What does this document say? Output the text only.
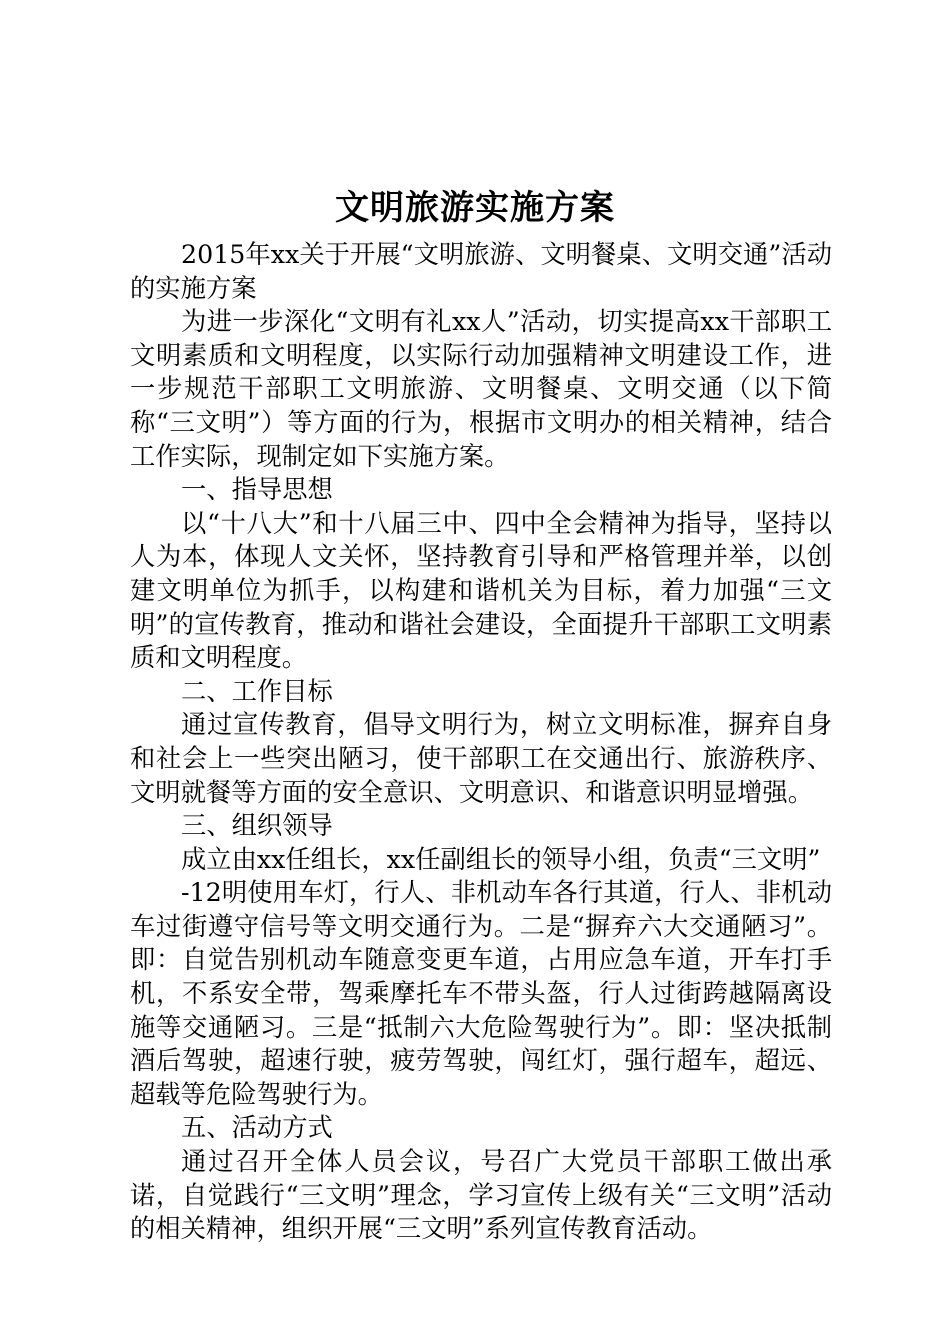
文明旅游实施方案

2015年xx关于开展“文明旅游、文明餐桌、文明交通”活动的实施方案

为进一步深化“文明有礼xx人”活动，切实提高xx干部职工文明素质和文明程度，以实际行动加强精神文明建设工作，进一步规范干部职工文明旅游、文明餐桌、文明交通（以下简称“三文明”）等方面的行为，根据市文明办的相关精神，结合工作实际，现制定如下实施方案。

一、指导思想

以“十八大”和十八届三中、四中全会精神为指导，坚持以人为本，体现人文关怀，坚持教育引导和严格管理并举，以创建文明单位为抓手，以构建和谐机关为目标，着力加强“三文明”的宣传教育，推动和谐社会建设，全面提升干部职工文明素质和文明程度。

二、工作目标

通过宣传教育，倡导文明行为，树立文明标准，摒弃自身和社会上一些突出陋习，使干部职工在交通出行、旅游秩序、文明就餐等方面的安全意识、文明意识、和谐意识明显增强。

三、组织领导

成立由xx任组长，xx任副组长的领导小组，负责“三文明”

-12明使用车灯，行人、非机动车各行其道，行人、非机动车过街遵守信号等文明交通行为。二是“摒弃六大交通陋习”。即：自觉告别机动车随意变更车道，占用应急车道，开车打手机，不系安全带，驾乘摩托车不带头盔，行人过街跨越隔离设施等交通陋习。三是“抵制六大危险驾驶行为”。即：坚决抵制酒后驾驶，超速行驶，疲劳驾驶，闯红灯，强行超车，超远、超载等危险驾驶行为。

五、活动方式

通过召开全体人员会议，号召广大党员干部职工做出承诺，自觉践行“三文明”理念，学习宣传上级有关“三文明”活动的相关精神，组织开展“三文明”系列宣传教育活动。
